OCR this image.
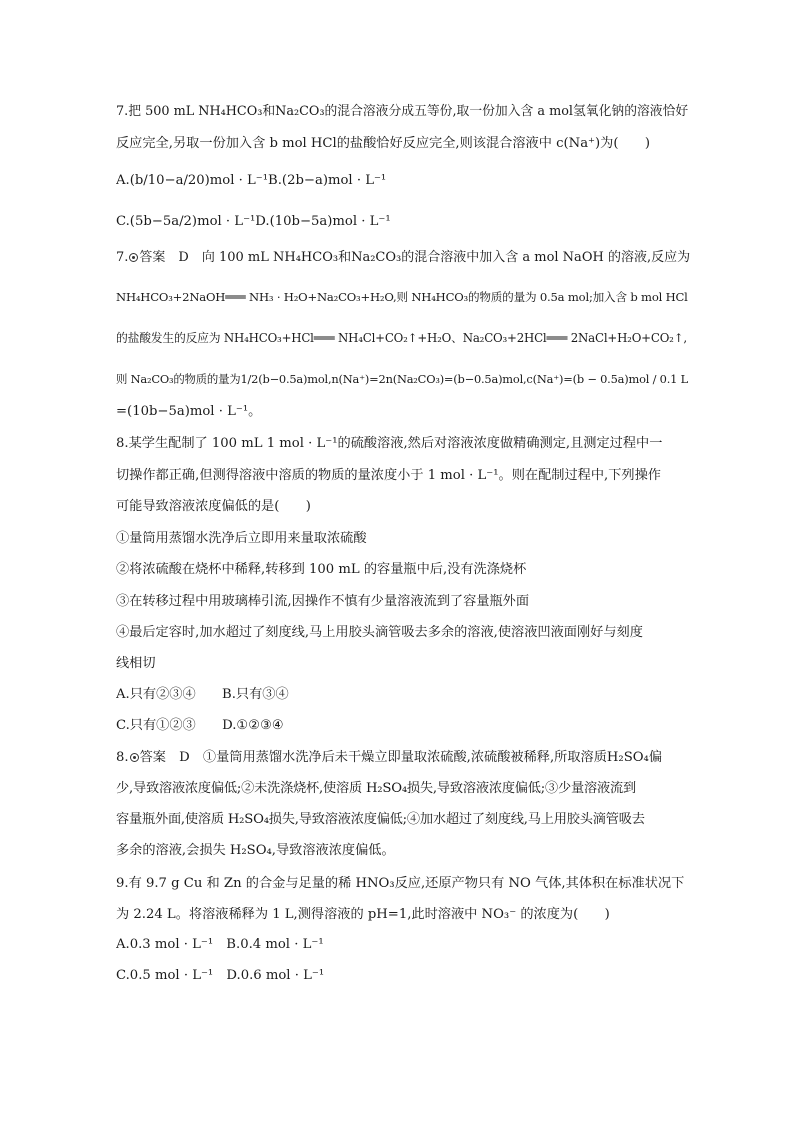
7.把 500 mL NH₄HCO₃和Na₂CO₃的混合溶液分成五等份,取一份加入含 a mol氢氧化钠的溶液恰好
反应完全,另取一份加入含 b mol HCl的盐酸恰好反应完全,则该混合溶液中 c(Na⁺)为(　　)
A.(b/10−a/20)mol · L⁻¹B.(2b−a)mol · L⁻¹
C.(5b−5a/2)mol · L⁻¹D.(10b−5a)mol · L⁻¹
7. 答案　D　向 100 mL NH₄HCO₃和Na₂CO₃的混合溶液中加入含 a mol NaOH 的溶液,反应为
NH₄HCO₃+2NaOH═══ NH₃ · H₂O+Na₂CO₃+H₂O,则 NH₄HCO₃的物质的量为 0.5a mol;加入含 b mol HCl
的盐酸发生的反应为 NH₄HCO₃+HCl═══ NH₄Cl+CO₂↑+H₂O、Na₂CO₃+2HCl═══ 2NaCl+H₂O+CO₂↑,
则 Na₂CO₃的物质的量为1/2(b−0.5a)mol,n(Na⁺)=2n(Na₂CO₃)=(b−0.5a)mol,c(Na⁺)=(b − 0.5a)mol / 0.1 L
=(10b−5a)mol · L⁻¹。
8.某学生配制了 100 mL 1 mol · L⁻¹的硫酸溶液,然后对溶液浓度做精确测定,且测定过程中一
切操作都正确,但测得溶液中溶质的物质的量浓度小于 1 mol · L⁻¹。则在配制过程中,下列操作
可能导致溶液浓度偏低的是(　　)
①量筒用蒸馏水洗净后立即用来量取浓硫酸
②将浓硫酸在烧杯中稀释,转移到 100 mL 的容量瓶中后,没有洗涤烧杯
③在转移过程中用玻璃棒引流,因操作不慎有少量溶液流到了容量瓶外面
④最后定容时,加水超过了刻度线,马上用胶头滴管吸去多余的溶液,使溶液凹液面刚好与刻度
线相切
A.只有②③④　　B.只有③④
C.只有①②③　　D.①②③④
8. 答案　D　①量筒用蒸馏水洗净后未干燥立即量取浓硫酸,浓硫酸被稀释,所取溶质H₂SO₄偏
少,导致溶液浓度偏低;②未洗涤烧杯,使溶质 H₂SO₄损失,导致溶液浓度偏低;③少量溶液流到
容量瓶外面,使溶质 H₂SO₄损失,导致溶液浓度偏低;④加水超过了刻度线,马上用胶头滴管吸去
多余的溶液,会损失 H₂SO₄,导致溶液浓度偏低。
9.有 9.7 g Cu 和 Zn 的合金与足量的稀 HNO₃反应,还原产物只有 NO 气体,其体积在标准状况下
为 2.24 L。将溶液稀释为 1 L,测得溶液的 pH=1,此时溶液中 NO₃⁻ 的浓度为(　　)
A.0.3 mol · L⁻¹　B.0.4 mol · L⁻¹
C.0.5 mol · L⁻¹　D.0.6 mol · L⁻¹
